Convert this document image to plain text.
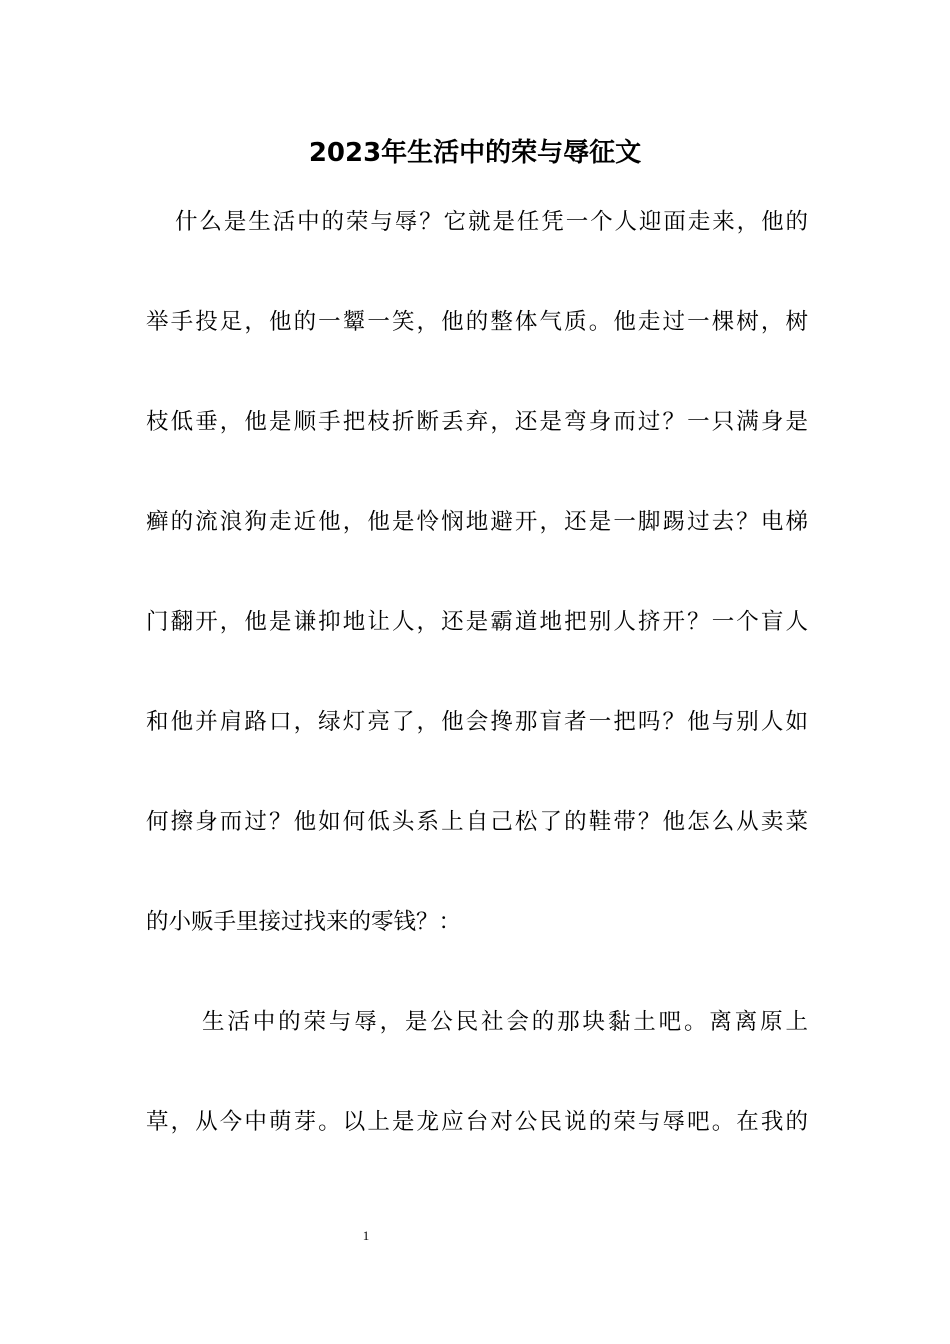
2023年生活中的荣与辱征文
什么是生活中的荣与辱？它就是任凭一个人迎面走来，他的
举手投足，他的一颦一笑，他的整体气质。他走过一棵树，树
枝低垂，他是顺手把枝折断丢弃，还是弯身而过？一只满身是
癣的流浪狗走近他，他是怜悯地避开，还是一脚踢过去？电梯
门翻开，他是谦抑地让人，还是霸道地把别人挤开？一个盲人
和他并肩路口，绿灯亮了，他会搀那盲者一把吗？他与别人如
何擦身而过？他如何低头系上自己松了的鞋带？他怎么从卖菜
的小贩手里接过找来的零钱？：
生活中的荣与辱，是公民社会的那块黏土吧。离离原上
草，从今中萌芽。以上是龙应台对公民说的荣与辱吧。在我的
1
